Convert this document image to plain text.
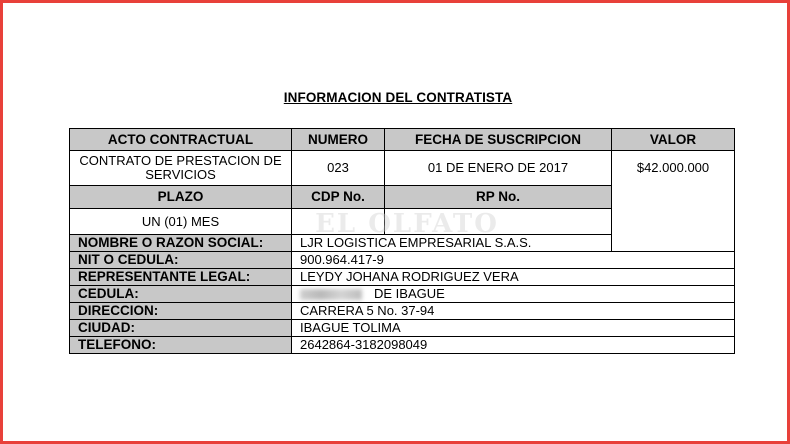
INFORMACION DEL CONTRATISTA
ACTO CONTRACTUAL	NUMERO	FECHA DE SUSCRIPCION	VALOR
CONTRATO DE PRESTACION DE SERVICIOS	023	01 DE ENERO DE 2017	$42.000.000
PLAZO	CDP No.	RP No.	
UN (01) MES			
NOMBRE O RAZON SOCIAL:	LJR LOGISTICA EMPRESARIAL S.A.S.		
NIT O CEDULA:	900.964.417-9		
REPRESENTANTE LEGAL:	LEYDY JOHANA RODRIGUEZ VERA		
CEDULA:	DE IBAGUE		
DIRECCION:	CARRERA 5 No. 37-94		
CIUDAD:	IBAGUE TOLIMA		
TELEFONO:	2642864-3182098049		
EL OLFATO
